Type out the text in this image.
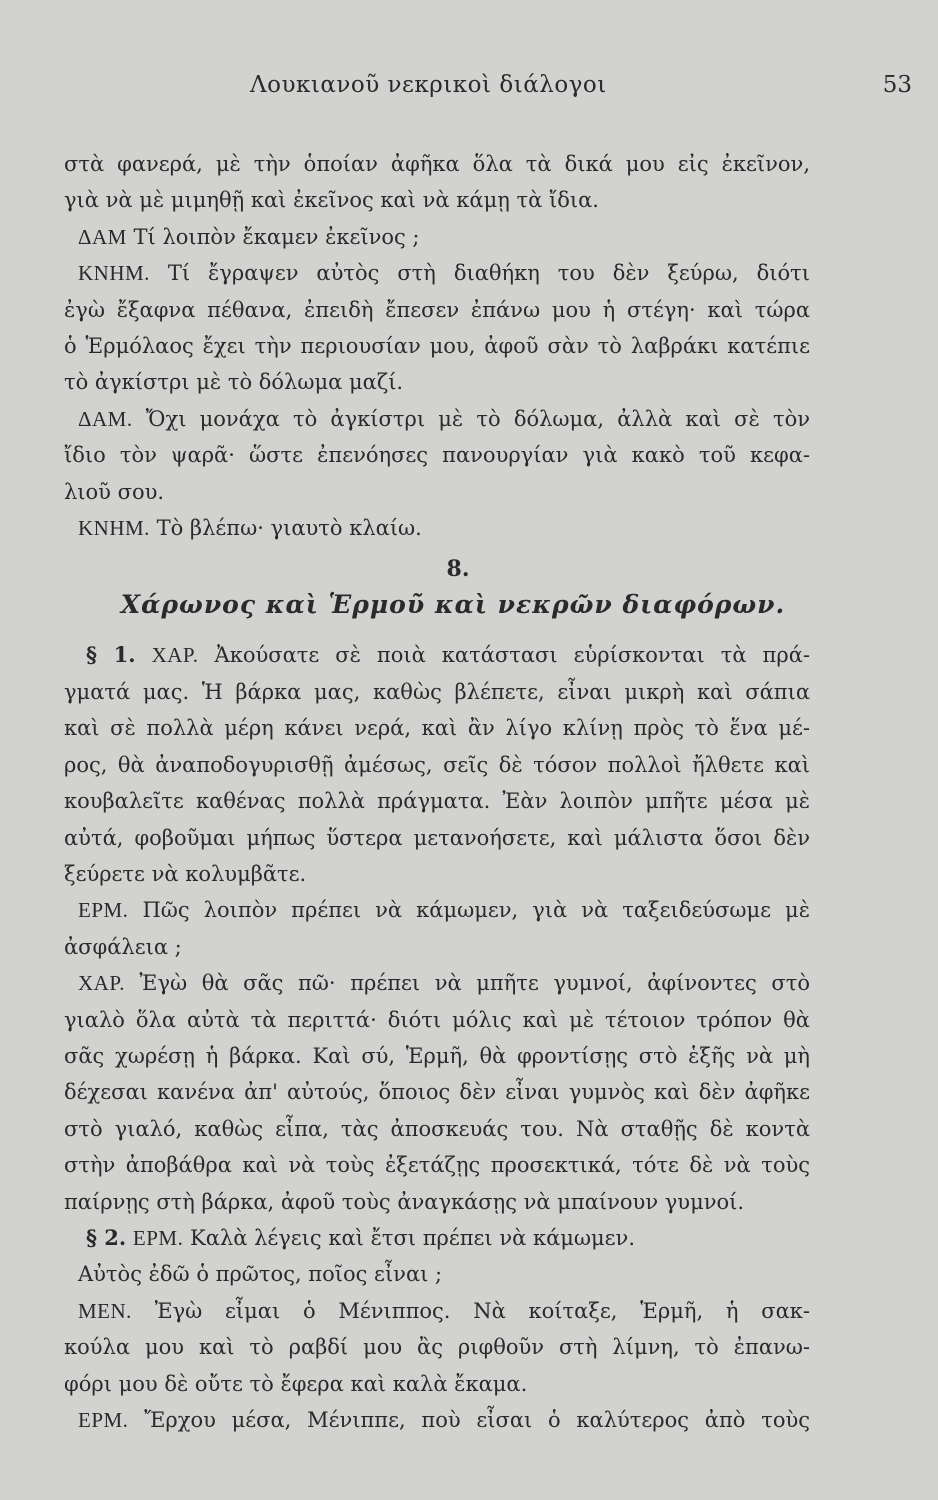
Λουκιανοῦ νεκρικοὶ διάλογοι	53
στὰ φανερά, μὲ τὴν ὁποίαν ἀφῆκα ὅλα τὰ δικά μου εἰς ἐκεῖνον,
γιὰ νὰ μὲ μιμηθῇ καὶ ἐκεῖνος καὶ νὰ κάμῃ τὰ ἴδια.
ΔΑΜ Τί λοιπὸν ἔκαμεν ἐκεῖνος ;
ΚΝΗΜ. Τί ἔγραψεν αὐτὸς στὴ διαθήκη του δὲν ξεύρω, διότι
ἐγὼ ἔξαφνα πέθανα, ἐπειδὴ ἔπεσεν ἐπάνω μου ἡ στέγη· καὶ τώρα
ὁ Ἑρμόλαος ἔχει τὴν περιουσίαν μου, ἀφοῦ σὰν τὸ λαβράκι κατέπιε
τὸ ἀγκίστρι μὲ τὸ δόλωμα μαζί.
ΔΑΜ. Ὄχι μονάχα τὸ ἀγκίστρι μὲ τὸ δόλωμα, ἀλλὰ καὶ σὲ τὸν
ἴδιο τὸν ψαρᾶ· ὥστε ἐπενόησες πανουργίαν γιὰ κακὸ τοῦ κεφα-
λιοῦ σου.
ΚΝΗΜ. Τὸ βλέπω· γιαυτὸ κλαίω.
8.
Χάρωνος καὶ Ἑρμοῦ καὶ νεκρῶν διαφόρων.
§ 1. ΧΑΡ. Ἀκούσατε σὲ ποιὰ κατάστασι εὑρίσκονται τὰ πρά-
γματά μας. Ἡ βάρκα μας, καθὼς βλέπετε, εἶναι μικρὴ καὶ σάπια
καὶ σὲ πολλὰ μέρη κάνει νερά, καὶ ἂν λίγο κλίνῃ πρὸς τὸ ἕνα μέ-
ρος, θὰ ἀναποδογυρισθῇ ἀμέσως, σεῖς δὲ τόσον πολλοὶ ἤλθετε καὶ
κουβαλεῖτε καθένας πολλὰ πράγματα. Ἐὰν λοιπὸν μπῆτε μέσα μὲ
αὐτά, φοβοῦμαι μήπως ὕστερα μετανοήσετε, καὶ μάλιστα ὅσοι δὲν
ξεύρετε νὰ κολυμβᾶτε.
ΕΡΜ. Πῶς λοιπὸν πρέπει νὰ κάμωμεν, γιὰ νὰ ταξειδεύσωμε μὲ
ἀσφάλεια ;
ΧΑΡ. Ἐγὼ θὰ σᾶς πῶ· πρέπει νὰ μπῆτε γυμνοί, ἀφίνοντες στὸ
γιαλὸ ὅλα αὐτὰ τὰ περιττά· διότι μόλις καὶ μὲ τέτοιον τρόπον θὰ
σᾶς χωρέσῃ ἡ βάρκα. Καὶ σύ, Ἑρμῆ, θὰ φροντίσῃς στὸ ἑξῆς νὰ μὴ
δέχεσαι κανένα ἀπ' αὐτούς, ὅποιος δὲν εἶναι γυμνὸς καὶ δὲν ἀφῆκε
στὸ γιαλό, καθὼς εἶπα, τὰς ἀποσκευάς του. Νὰ σταθῇς δὲ κοντὰ
στὴν ἀποβάθρα καὶ νὰ τοὺς ἐξετάζῃς προσεκτικά, τότε δὲ νὰ τοὺς
παίρνῃς στὴ βάρκα, ἀφοῦ τοὺς ἀναγκάσῃς νὰ μπαίνουν γυμνοί.
§ 2. ΕΡΜ. Καλὰ λέγεις καὶ ἔτσι πρέπει νὰ κάμωμεν.
Αὐτὸς ἐδῶ ὁ πρῶτος, ποῖος εἶναι ;
ΜΕΝ. Ἐγὼ εἶμαι ὁ Μένιππος. Νὰ κοίταξε, Ἑρμῆ, ἡ σακ-
κούλα μου καὶ τὸ ραβδί μου ἂς ριφθοῦν στὴ λίμνη, τὸ ἐπανω-
φόρι μου δὲ οὔτε τὸ ἔφερα καὶ καλὰ ἔκαμα.
ΕΡΜ. Ἔρχου μέσα, Μένιππε, ποὺ εἶσαι ὁ καλύτερος ἀπὸ τοὺς
